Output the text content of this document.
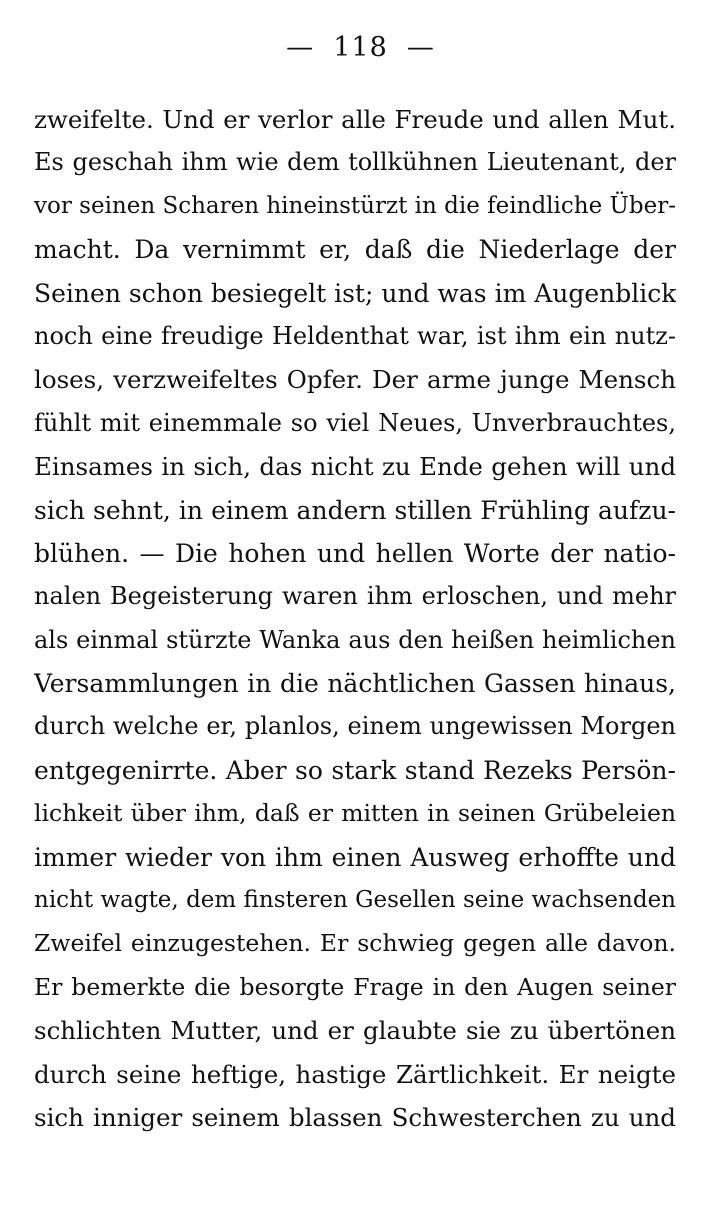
—  118  —
zweifelte. Und er verlor alle Freude und allen Mut.
Es geschah ihm wie dem tollkühnen Lieutenant, der
vor seinen Scharen hineinstürzt in die feindliche Über-
macht. Da vernimmt er, daß die Niederlage der
Seinen schon besiegelt ist; und was im Augenblick
noch eine freudige Heldenthat war, ist ihm ein nutz-
loses, verzweifeltes Opfer. Der arme junge Mensch
fühlt mit einemmale so viel Neues, Unverbrauchtes,
Einsames in sich, das nicht zu Ende gehen will und
sich sehnt, in einem andern stillen Frühling aufzu-
blühen. — Die hohen und hellen Worte der natio-
nalen Begeisterung waren ihm erloschen, und mehr
als einmal stürzte Wanka aus den heißen heimlichen
Versammlungen in die nächtlichen Gassen hinaus,
durch welche er, planlos, einem ungewissen Morgen
entgegenirrte. Aber so stark stand Rezeks Persön-
lichkeit über ihm, daß er mitten in seinen Grübeleien
immer wieder von ihm einen Ausweg erhoffte und
nicht wagte, dem finsteren Gesellen seine wachsenden
Zweifel einzugestehen. Er schwieg gegen alle davon.
Er bemerkte die besorgte Frage in den Augen seiner
schlichten Mutter, und er glaubte sie zu übertönen
durch seine heftige, hastige Zärtlichkeit. Er neigte
sich inniger seinem blassen Schwesterchen zu und
